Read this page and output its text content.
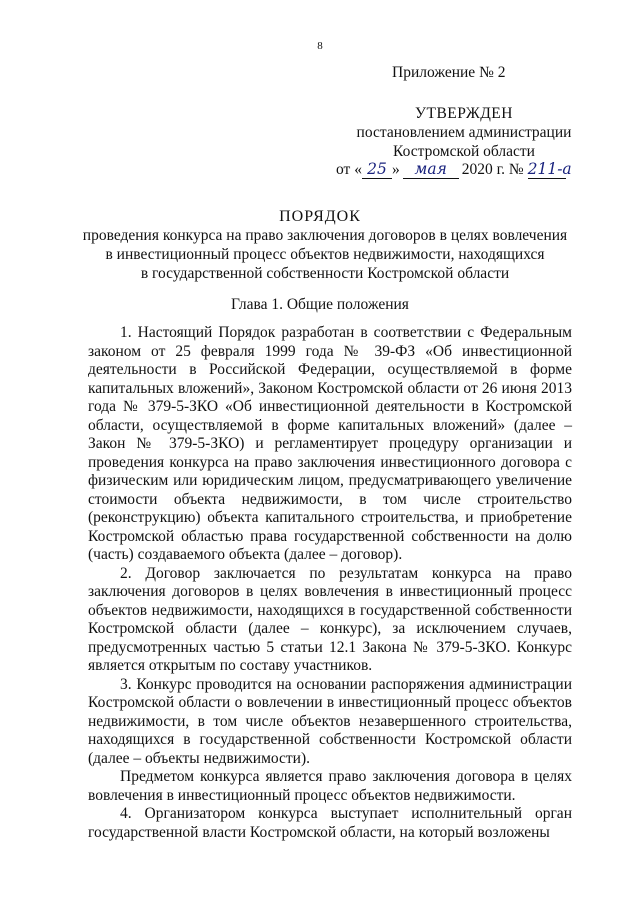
8
Приложение № 2
УТВЕРЖДЕН
постановлением администрации
Костромской области
от « 25 » мая 2020 г. № 211-а
ПОРЯДОК
проведения конкурса на право заключения договоров в целях вовлечения
в инвестиционный процесс объектов недвижимости, находящихся
в государственной собственности Костромской области
Глава 1. Общие положения

1. Настоящий Порядок разработан в соответствии с Федеральным законом от 25 февраля 1999 года № 39-ФЗ «Об инвестиционной деятельности в Российской Федерации, осуществляемой в форме капитальных вложений», Законом Костромской области от 26 июня 2013 года № 379-5-ЗКО «Об инвестиционной деятельности в Костромской области, осуществляемой в форме капитальных вложений» (далее – Закон № 379-5-ЗКО) и регламентирует процедуру организации и проведения конкурса на право заключения инвестиционного договора с физическим или юридическим лицом, предусматривающего увеличение стоимости объекта недвижимости, в том числе строительство (реконструкцию) объекта капитального строительства, и приобретение Костромской областью права государственной собственности на долю (часть) создаваемого объекта (далее – договор).

2. Договор заключается по результатам конкурса на право заключения договоров в целях вовлечения в инвестиционный процесс объектов недвижимости, находящихся в государственной собственности Костромской области (далее – конкурс), за исключением случаев, предусмотренных частью 5 статьи 12.1 Закона № 379-5-ЗКО. Конкурс является открытым по составу участников.

3. Конкурс проводится на основании распоряжения администрации Костромской области о вовлечении в инвестиционный процесс объектов недвижимости, в том числе объектов незавершенного строительства, находящихся в государственной собственности Костромской области (далее – объекты недвижимости).

Предметом конкурса является право заключения договора в целях вовлечения в инвестиционный процесс объектов недвижимости.

4. Организатором конкурса выступает исполнительный орган государственной власти Костромской области, на который возложены
